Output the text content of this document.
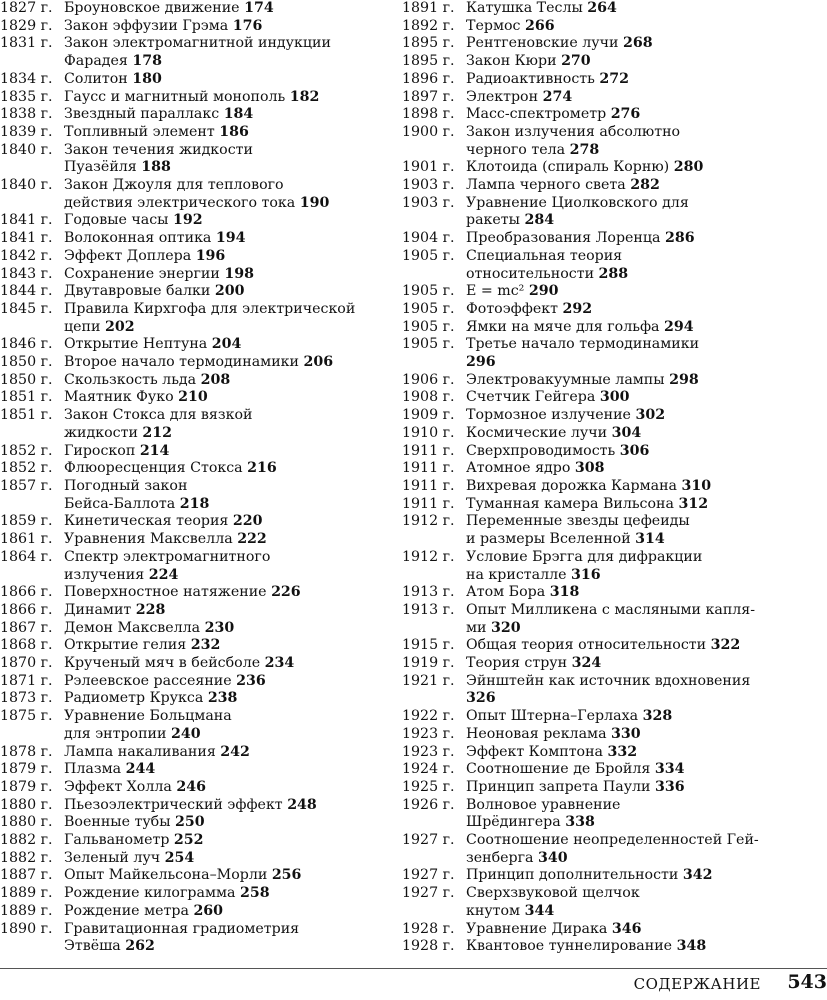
1827 г. Броуновское движение 174
1829 г. Закон эффузии Грэма 176
1831 г. Закон электромагнитной индукции
Фарадея 178
1834 г. Солитон 180
1835 г. Гаусс и магнитный монополь 182
1838 г. Звездный параллакс 184
1839 г. Топливный элемент 186
1840 г. Закон течения жидкости
Пуазёйля 188
1840 г. Закон Джоуля для теплового
действия электрического тока 190
1841 г. Годовые часы 192
1841 г. Волоконная оптика 194
1842 г. Эффект Доплера 196
1843 г. Сохранение энергии 198
1844 г. Двутавровые балки 200
1845 г. Правила Кирхгофа для электрической
цепи 202
1846 г. Открытие Нептуна 204
1850 г. Второе начало термодинамики 206
1850 г. Скользкость льда 208
1851 г. Маятник Фуко 210
1851 г. Закон Стокса для вязкой
жидкости 212
1852 г. Гироскоп 214
1852 г. Флюоресценция Стокса 216
1857 г. Погодный закон
Бейса-Баллота 218
1859 г. Кинетическая теория 220
1861 г. Уравнения Максвелла 222
1864 г. Спектр электромагнитного
излучения 224
1866 г. Поверхностное натяжение 226
1866 г. Динамит 228
1867 г. Демон Максвелла 230
1868 г. Открытие гелия 232
1870 г. Крученый мяч в бейсболе 234
1871 г. Рэлеевское рассеяние 236
1873 г. Радиометр Крукса 238
1875 г. Уравнение Больцмана
для энтропии 240
1878 г. Лампа накаливания 242
1879 г. Плазма 244
1879 г. Эффект Холла 246
1880 г. Пьезоэлектрический эффект 248
1880 г. Военные тубы 250
1882 г. Гальванометр 252
1882 г. Зеленый луч 254
1887 г. Опыт Майкельсона–Морли 256
1889 г. Рождение килограмма 258
1889 г. Рождение метра 260
1890 г. Гравитационная градиометрия
Этвёша 262
1891 г. Катушка Теслы 264
1892 г. Термос 266
1895 г. Рентгеновские лучи 268
1895 г. Закон Кюри 270
1896 г. Радиоактивность 272
1897 г. Электрон 274
1898 г. Масс-спектрометр 276
1900 г. Закон излучения абсолютно
черного тела 278
1901 г. Клотоида (спираль Корню) 280
1903 г. Лампа черного света 282
1903 г. Уравнение Циолковского для
ракеты 284
1904 г. Преобразования Лоренца 286
1905 г. Специальная теория
относительности 288
1905 г. E = mc² 290
1905 г. Фотоэффект 292
1905 г. Ямки на мяче для гольфа 294
1905 г. Третье начало термодинамики
296
1906 г. Электровакуумные лампы 298
1908 г. Счетчик Гейгера 300
1909 г. Тормозное излучение 302
1910 г. Космические лучи 304
1911 г. Сверхпроводимость 306
1911 г. Атомное ядро 308
1911 г. Вихревая дорожка Кармана 310
1911 г. Туманная камера Вильсона 312
1912 г. Переменные звезды цефеиды
и размеры Вселенной 314
1912 г. Условие Брэгга для дифракции
на кристалле 316
1913 г. Атом Бора 318
1913 г. Опыт Милликена с масляными капля-
ми 320
1915 г. Общая теория относительности 322
1919 г. Теория струн 324
1921 г. Эйнштейн как источник вдохновения
326
1922 г. Опыт Штерна–Герлаха 328
1923 г. Неоновая реклама 330
1923 г. Эффект Комптона 332
1924 г. Соотношение де Бройля 334
1925 г. Принцип запрета Паули 336
1926 г. Волновое уравнение
Шрёдингера 338
1927 г. Соотношение неопределенностей Гей-
зенберга 340
1927 г. Принцип дополнительности 342
1927 г. Сверхзвуковой щелчок
кнутом 344
1928 г. Уравнение Дирака 346
1928 г. Квантовое туннелирование 348
СОДЕРЖАНИЕ 543
